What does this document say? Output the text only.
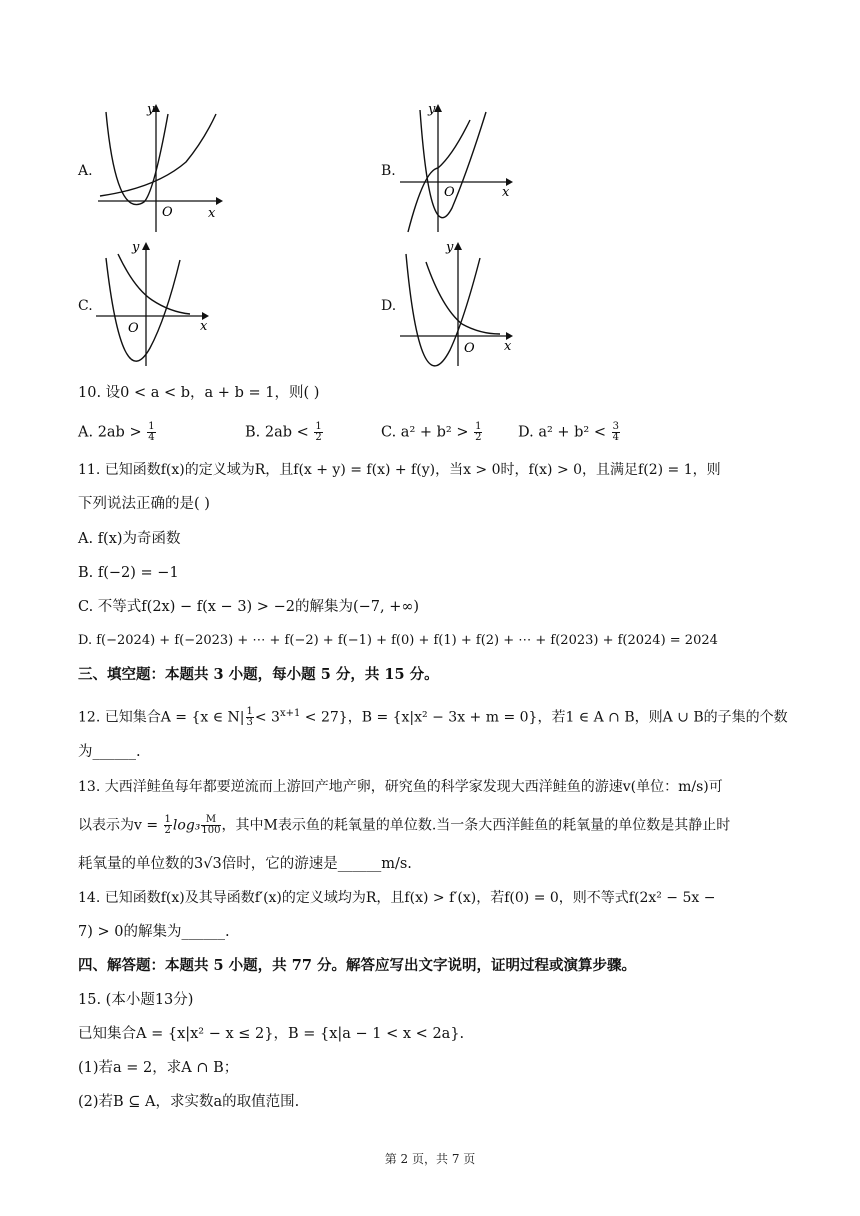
A.
y
x
O
B.
y
x
O
C.
y
x
O
D.
y
x
O
10. 设0 < a < b，a + b = 1，则( )
A. $2ab > \frac{1}{4}$	B. $2ab < \frac{1}{2}$	C. $a^2 + b^2 > \frac{1}{2} D$. $a^2 + b^2 < \frac{3}{4}$
11. 已知函数f(x)的定义域为R，且f(x + y) = f(x) + f(y)，当x > 0时，f(x) > 0，且满足f(2) = 1，则
下列说法正确的是( )
A. f(x)为奇函数
B. f(−2) = −1
C. 不等式f(2x) − f(x − 3) > −2的解集为(−7, +∞)
D. f(−2024) + f(−2023) + ⋯ + f(−2) + f(−1) + f(0) + f(1) + f(2) + ⋯ + f(2023) + f(2024) = 2024
三、填空题：本题共 3 小题，每小题 5 分，共 15 分。
12. 已知集合A = {x ∈ $N| \frac{1}{3} < 3^{x+1} < 27$}，B = {x|x² − 3x + m = 0}，若1 ∈ A ∩ B，则A ∪ B的子集的个数
为______.
13. 大西洋鲑鱼每年都要逆流而上游回产地产卵，研究鱼的科学家发现大西洋鲑鱼的游速v(单位：m/s)可
以表示为$v = \frac{1}{2} \log_3 \frac{M}{100}$ ，其中M表示鱼的耗氧量的单位数.当一条大西洋鲑鱼的耗氧量的单位数是其静止时
耗氧量的单位数的3√3倍时，它的游速是______m/s.
14. 已知函数f(x)及其导函数f′(x)的定义域均为R，且f(x) > f′(x)，若f(0) = 0，则不等式f(2x² − 5x −
7) > 0的解集为______.
四、解答题：本题共 5 小题，共 77 分。解答应写出文字说明，证明过程或演算步骤。
15. (本小题13分)
已知集合A = {x|x² − x ≤ 2}，B = {x|a − 1 < x < 2a}.
(1)若a = 2，求A ∩ B；
(2)若B ⊆ A，求实数a的取值范围.
第 2 页，共 7 页
